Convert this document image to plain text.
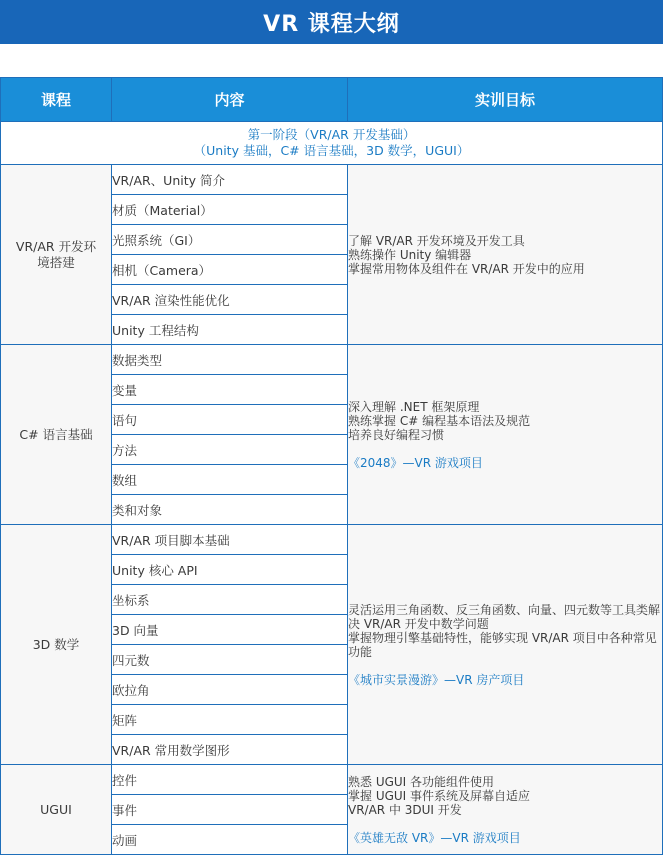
VR 课程大纲
课程	内容	实训目标

第一阶段（VR/AR 开发基础）
（Unity 基础，C# 语言基础，3D 数学，UGUI）		

VR/AR 开发环境搭建	VR/AR、Unity 简介	了解 VR/AR 开发环境及开发工具
熟练操作 Unity 编辑器
掌握常用物体及组件在 VR/AR 开发中的应用

	材质（Material）	
	光照系统（GI）	
	相机（Camera）	
	VR/AR 渲染性能优化	
	Unity 工程结构	
C# 语言基础	数据类型	深入理解 .NET 框架原理
熟练掌握 C# 编程基本语法及规范
培养良好编程习惯
《2048》—VR 游戏项目

	变量	
	语句	
	方法	
	数组	
	类和对象	
3D 数学	VR/AR 项目脚本基础	灵活运用三角函数、反三角函数、向量、四元数等工具类解决 VR/AR 开发中数学问题
掌握物理引擎基础特性，能够实现 VR/AR 项目中各种常见功能
《城市实景漫游》—VR 房产项目

	Unity 核心 API	
	坐标系	
	3D 向量	
	四元数	
	欧拉角	
	矩阵	
	VR/AR 常用数学图形	
UGUI	控件	熟悉 UGUI 各功能组件使用
掌握 UGUI 事件系统及屏幕自适应
VR/AR 中 3DUI 开发
《英雄无敌 VR》—VR 游戏项目

	事件	
	动画	
